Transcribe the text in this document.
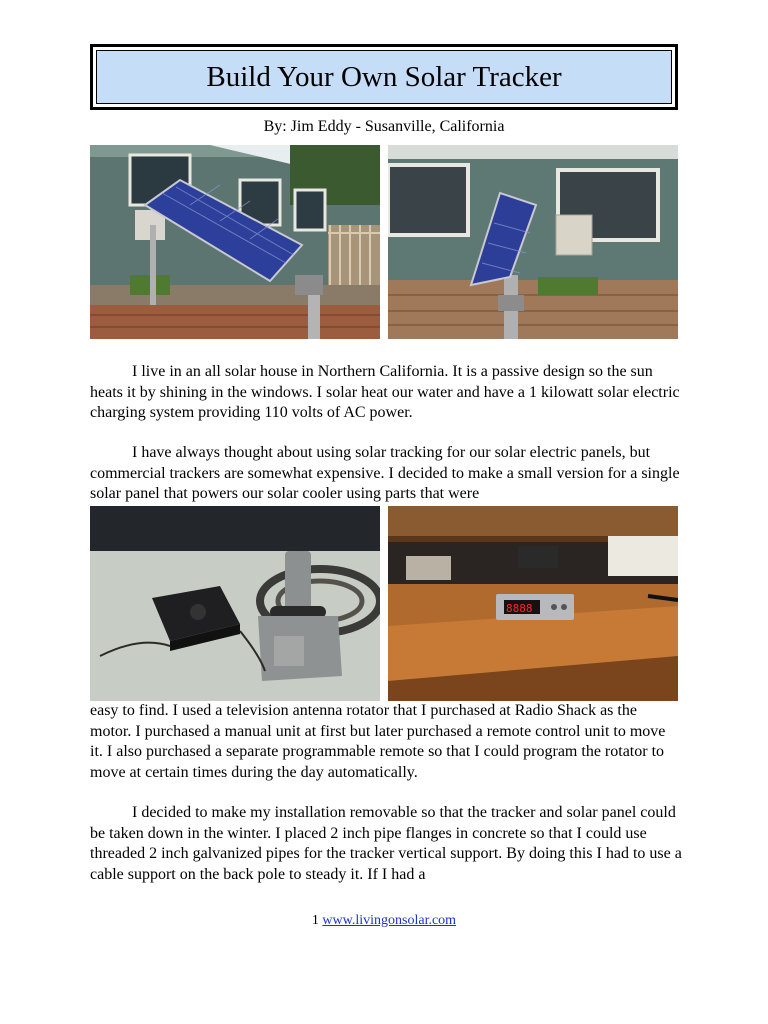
Build Your Own Solar Tracker
By: Jim Eddy - Susanville, California

I live in an all solar house in Northern California. It is a passive design so the sun heats it by shining in the windows. I solar heat our water and have a 1 kilowatt solar electric charging system providing 110 volts of AC power.

I have always thought about using solar tracking for our solar electric panels, but commercial trackers are somewhat expensive. I decided to make a small version for a single solar panel that powers our solar cooler using parts that were

8888

easy to find. I used a television antenna rotator that I purchased at Radio Shack as the motor. I purchased a manual unit at first but later purchased a remote control unit to move it. I also purchased a separate programmable remote so that I could program the rotator to move at certain times during the day automatically.

I decided to make my installation removable so that the tracker and solar panel could be taken down in the winter. I placed 2 inch pipe flanges in concrete so that I could use threaded 2 inch galvanized pipes for the tracker vertical support. By doing this I had to use a cable support on the back pole to steady it. If I had a

1 www.livingonsolar.com
